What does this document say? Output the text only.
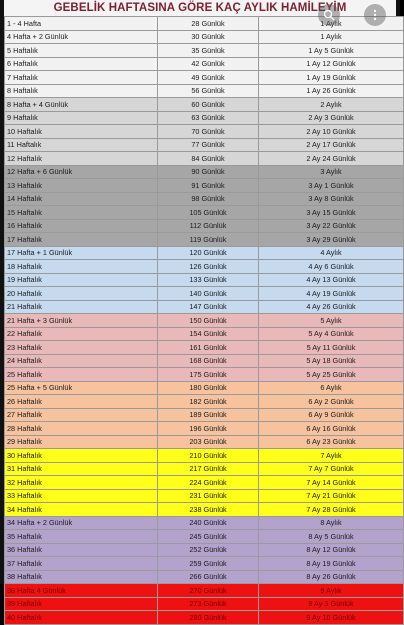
GEBELİK HAFTASINA GÖRE KAÇ AYLIK HAMİLEYİM
1 - 4 Hafta	28 Günlük	1 Aylık
4 Hafta + 2 Günlük	30 Günlük	1 Aylık
5 Haftalık	35 Günlük	1 Ay 5 Günlük
6 Haftalık	42 Günlük	1 Ay 12 Günlük
7 Haftalık	49 Günlük	1 Ay 19 Günlük
8 Haftalık	56 Günlük	1 Ay 26 Günlük
8 Hafta + 4 Günlük	60 Günlük	2 Aylık
9 Haftalık	63 Günlük	2 Ay 3 Günlük
10 Haftalık	70 Günlük	2 Ay 10 Günlük
11 Haftalık	77 Günlük	2 Ay 17 Günlük
12 Haftalık	84 Günlük	2 Ay 24 Günlük
12 Hafta + 6 Günlük	90 Günlük	3 Aylık
13 Haftalık	91 Günlük	3 Ay 1 Günlük
14 Haftalık	98 Günlük	3 Ay 8 Günlük
15 Haftalık	105 Günlük	3 Ay 15 Günlük
16 Haftalık	112 Günlük	3 Ay 22 Günlük
17 Haftalık	119 Günlük	3 Ay 29 Günlük
17 Hafta + 1 Günlük	120 Günlük	4 Aylık
18 Haftalık	126 Günlük	4 Ay 6 Günlük
19 Haftalık	133 Günlük	4 Ay 13 Günlük
20 Haftalık	140 Günlük	4 Ay 19 Günlük
21 Haftalık	147 Günlük	4 Ay 26 Günlük
21 Hafta + 3 Günlük	150 Günlük	5 Aylık
22 Haftalık	154 Günlük	5 Ay 4 Günlük
23 Haftalık	161 Günlük	5 Ay 11 Günlük
24 Haftalık	168 Günlük	5 Ay 18 Günlük
25 Haftalık	175 Günlük	5 Ay 25 Günlük
25 Hafta + 5 Günlük	180 Günlük	6 Aylık
26 Haftalık	182 Günlük	6 Ay 2 Günlük
27 Haftalık	189 Günlük	6 Ay 9 Günlük
28 Haftalık	196 Günlük	6 Ay 16 Günlük
29 Haftalık	203 Günlük	6 Ay 23 Günlük
30 Haftalık	210 Günlük	7 Aylık
31 Haftalık	217 Günlük	7 Ay 7 Günlük
32 Haftalık	224 Günlük	7 Ay 14 Günlük
33 Haftalık	231 Günlük	7 Ay 21 Günlük
34 Haftalık	238 Günlük	7 Ay 28 Günlük
34 Hafta + 2 Günlük	240 Günlük	8 Aylık
35 Haftalık	245 Günlük	8 Ay 5 Günlük
36 Haftalık	252 Günlük	8 Ay 12 Günlük
37 Haftalık	259 Günlük	8 Ay 19 Günlük
38 Haftalık	266 Günlük	8 Ay 26 Günlük
38 Hafta 4 Günlük	270 Günlük	9 Aylık
39 Haftalık	273 Günlük	9 Ay 3 Günlük
40 Haftalık	280 Günlük	9 Ay 10 Günlük
